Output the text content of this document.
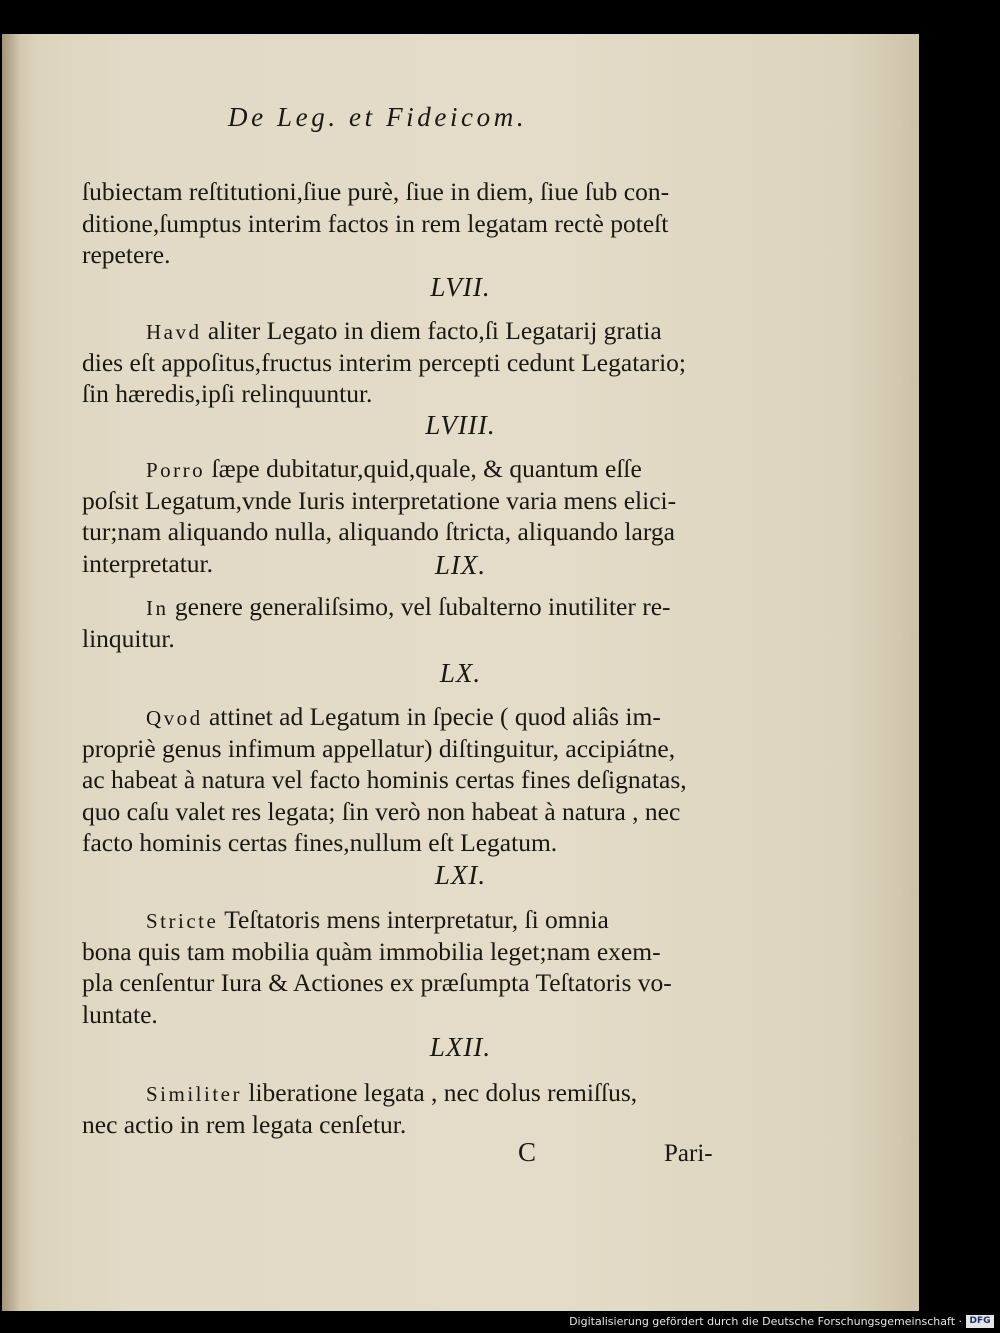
De Leg. et Fideicom.
ſubiectam reſtitutioni,ſiue purè, ſiue in diem, ſiue ſub con-
ditione,ſumptus interim factos in rem legatam rectè poteſt
repetere.
LVII.
Havd aliter Legato in diem facto,ſi Legatarij gratia
dies eſt appoſitus,fructus interim percepti cedunt Legatario;
ſin hæredis,ipſi relinquuntur.
LVIII.
Porro ſæpe dubitatur,quid,quale, & quantum eſſe
poſsit Legatum,vnde Iuris interpretatione varia mens elici-
tur;nam aliquando nulla, aliquando ſtricta, aliquando larga
interpretatur.	LIX.
In genere generaliſsimo, vel ſubalterno inutiliter re-
linquitur.
LX.
Qvod attinet ad Legatum in ſpecie ( quod aliâs im-
propriè genus infimum appellatur) diſtinguitur, accipiátne,
ac habeat à natura vel facto hominis certas fines deſignatas,
quo caſu valet res legata; ſin verò non habeat à natura , nec
facto hominis certas fines,nullum eſt Legatum.
LXI.
Stricte Teſtatoris mens interpretatur, ſi omnia
bona quis tam mobilia quàm immobilia leget;nam exem-
pla cenſentur Iura & Actiones ex præſumpta Teſtatoris vo-
luntate.
LXII.
Similiter liberatione legata , nec dolus remiſſus,
nec actio in rem legata cenſetur.
C	Pari-
Digitalisierung gefördert durch die Deutsche Forschungsgemeinschaft · DFG
